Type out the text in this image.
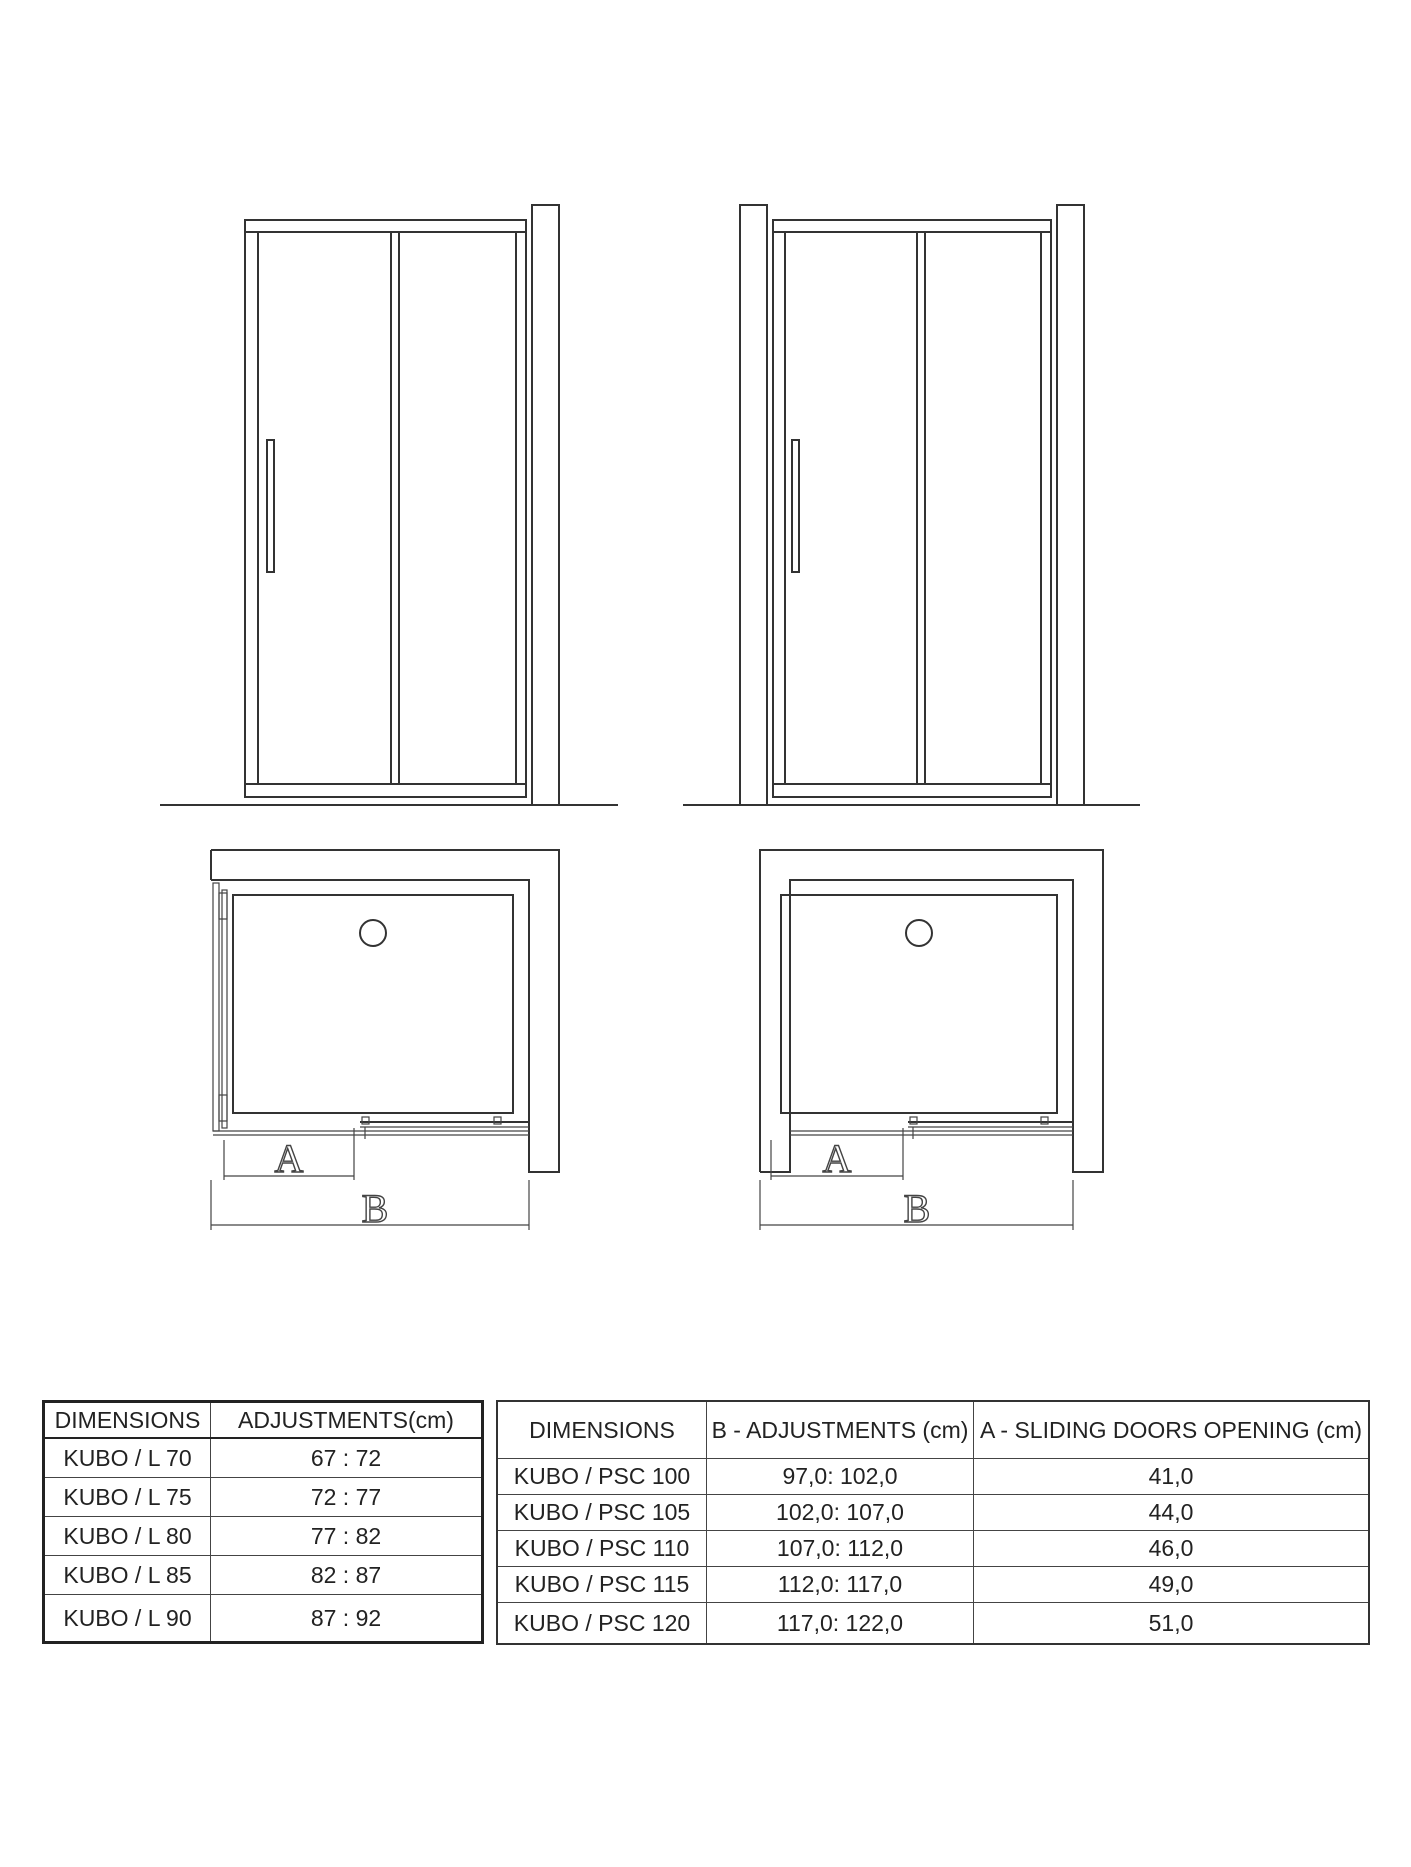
A
B
A
B
DIMENSIONS	ADJUSTMENTS(cm)
KUBO / L 70	67 : 72
KUBO / L 75	72 : 77
KUBO / L 80	77 : 82
KUBO / L 85	82 : 87
KUBO / L 90	87 : 92
DIMENSIONS	B - ADJUSTMENTS (cm)	A - SLIDING DOORS OPENING (cm)
KUBO / PSC 100	97,0: 102,0	41,0
KUBO / PSC 105	102,0: 107,0	44,0
KUBO / PSC 110	107,0: 112,0	46,0
KUBO / PSC 115	112,0: 117,0	49,0
KUBO / PSC 120	117,0: 122,0	51,0
